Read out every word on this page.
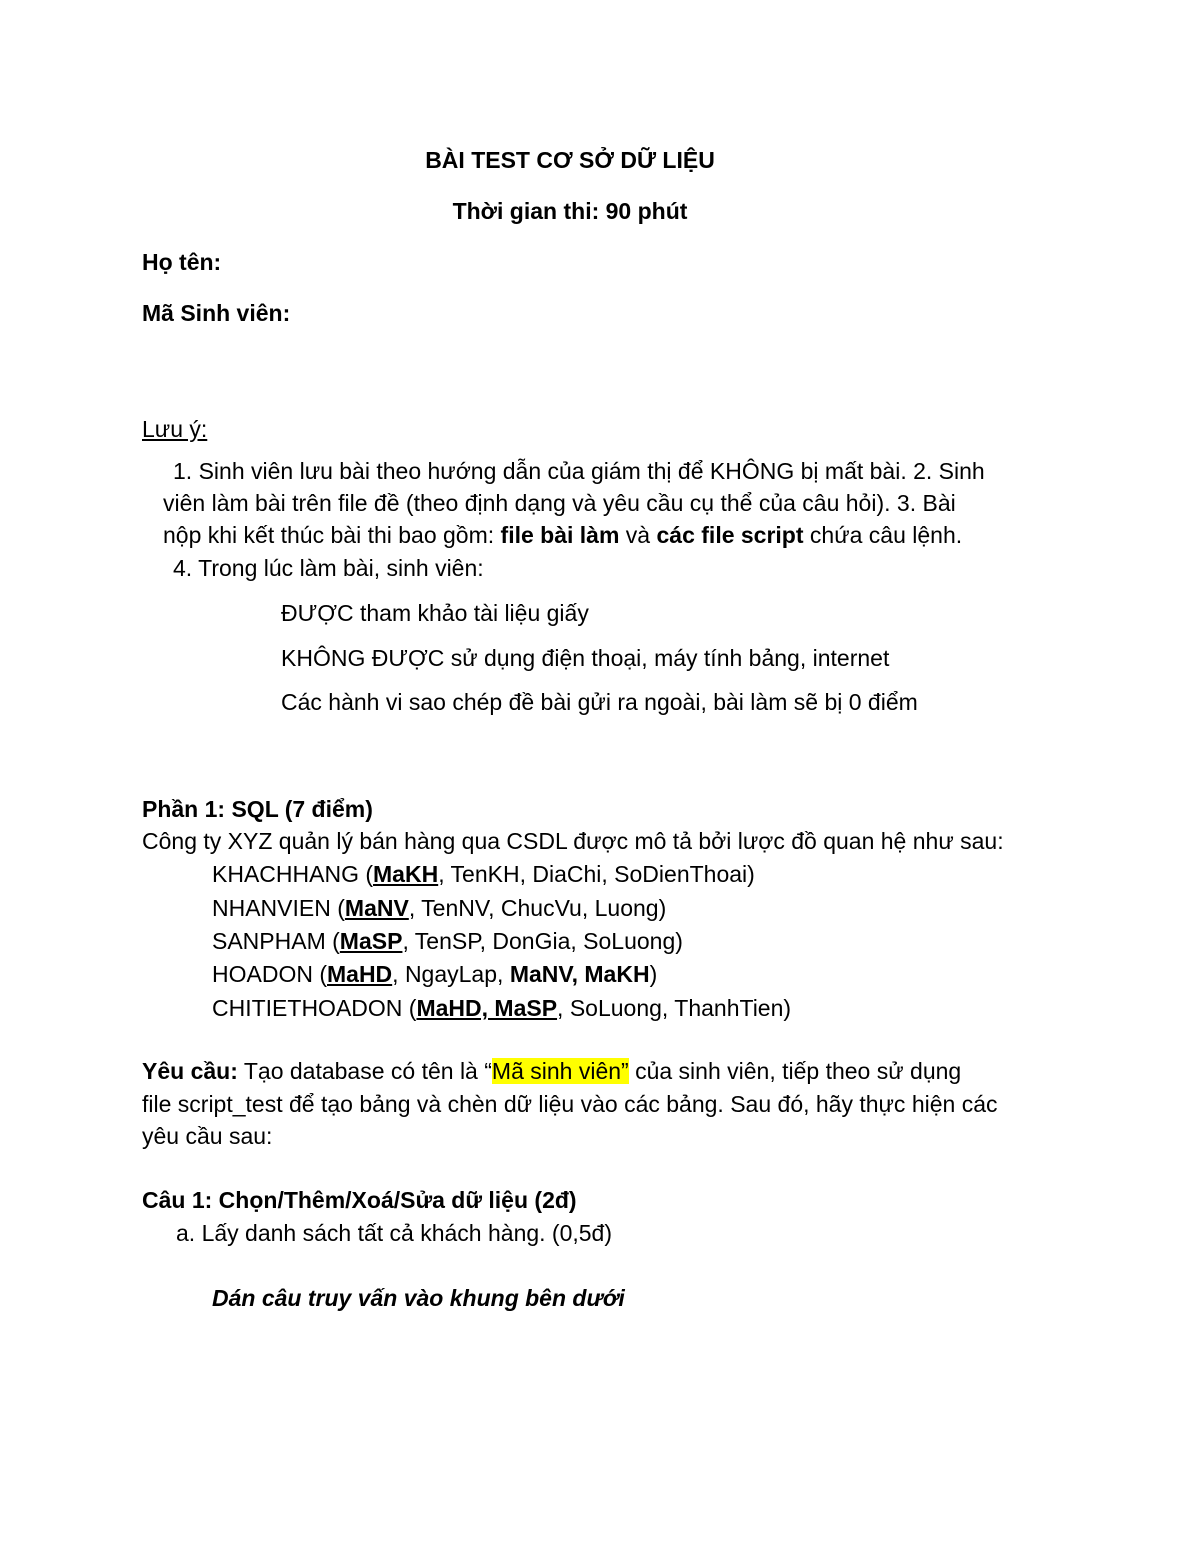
BÀI TEST CƠ SỞ DỮ LIỆU
Thời gian thi: 90 phút
Họ tên:
Mã Sinh viên:
Lưu ý:
1. Sinh viên lưu bài theo hướng dẫn của giám thị để KHÔNG bị mất bài. 2. Sinh
viên làm bài trên file đề (theo định dạng và yêu cầu cụ thể của câu hỏi). 3. Bài
nộp khi kết thúc bài thi bao gồm: file bài làm và các file script chứa câu lệnh.
4. Trong lúc làm bài, sinh viên:
ĐƯỢC tham khảo tài liệu giấy
KHÔNG ĐƯỢC sử dụng điện thoại, máy tính bảng, internet
Các hành vi sao chép đề bài gửi ra ngoài, bài làm sẽ bị 0 điểm
Phần 1: SQL (7 điểm)
Công ty XYZ quản lý bán hàng qua CSDL được mô tả bởi lược đồ quan hệ như sau:
KHACHHANG (MaKH, TenKH, DiaChi, SoDienThoai)
NHANVIEN (MaNV, TenNV, ChucVu, Luong)
SANPHAM (MaSP, TenSP, DonGia, SoLuong)
HOADON (MaHD, NgayLap, MaNV, MaKH)
CHITIETHOADON (MaHD, MaSP, SoLuong, ThanhTien)
Yêu cầu: Tạo database có tên là “Mã sinh viên” của sinh viên, tiếp theo sử dụng
file script_test để tạo bảng và chèn dữ liệu vào các bảng. Sau đó, hãy thực hiện các
yêu cầu sau:
Câu 1: Chọn/Thêm/Xoá/Sửa dữ liệu (2đ)
a. Lấy danh sách tất cả khách hàng. (0,5đ)
Dán câu truy vấn vào khung bên dưới
